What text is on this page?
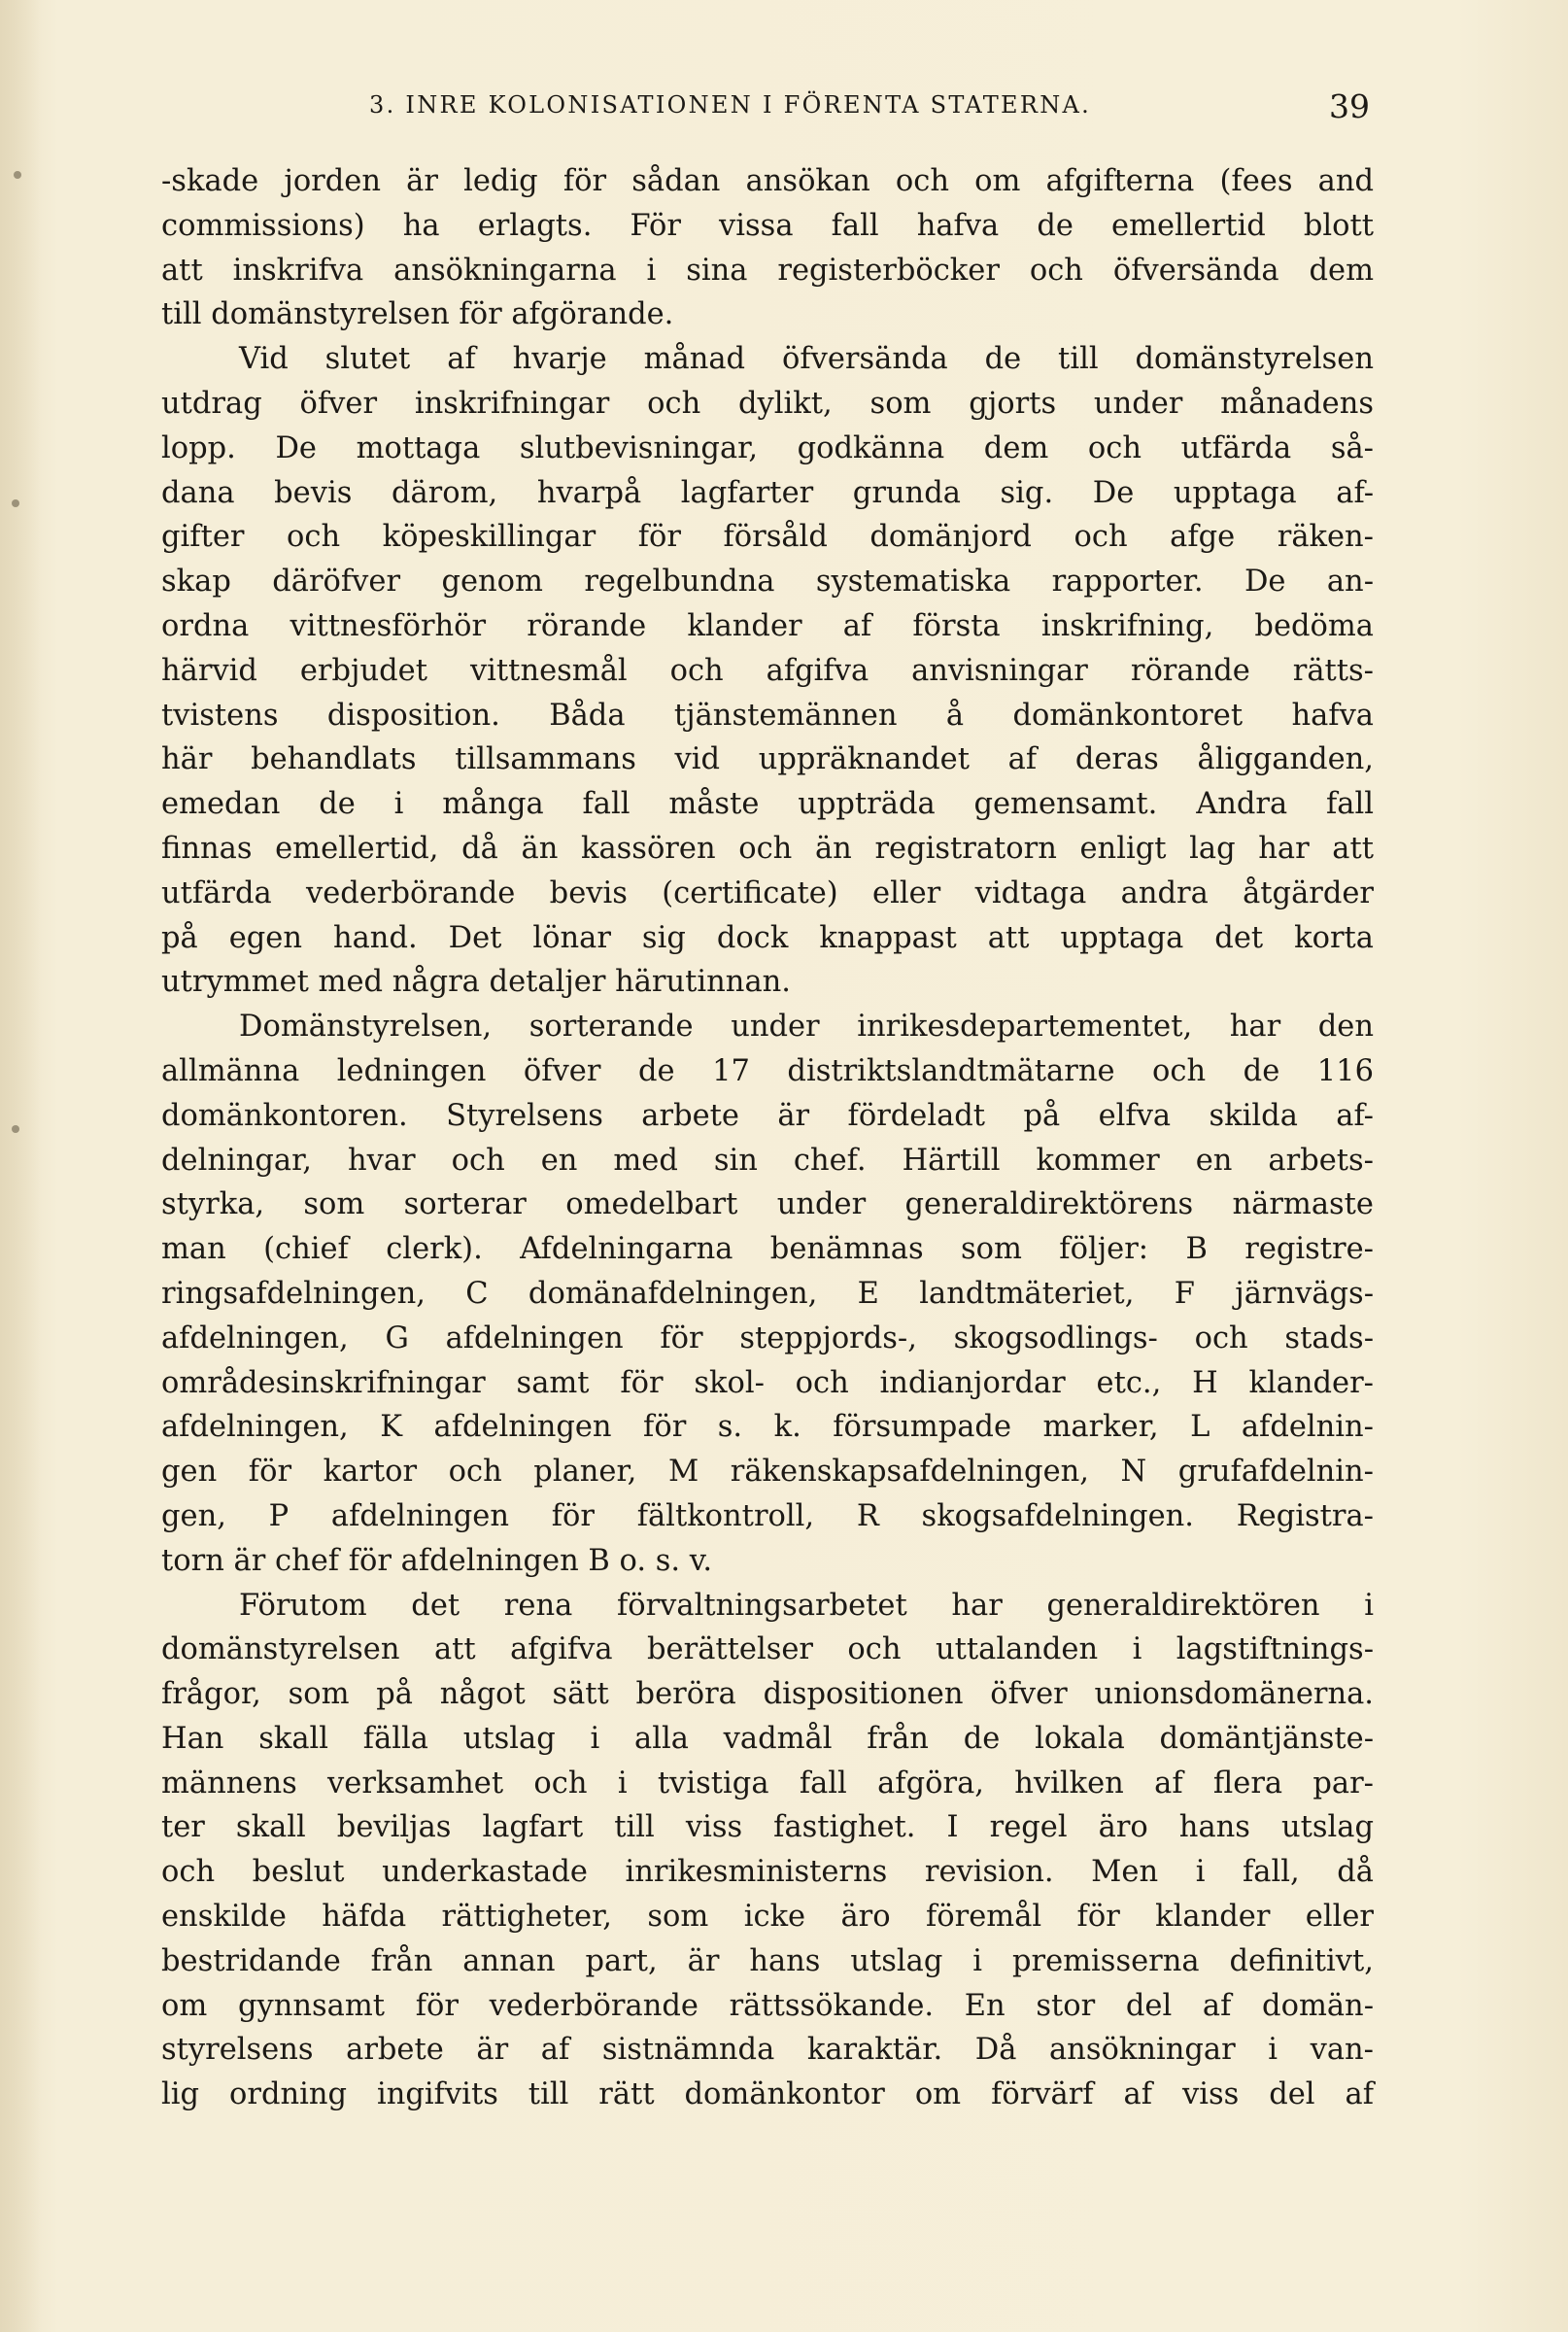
3. INRE KOLONISATIONEN I FÖRENTA STATERNA.	39
-skade jorden är ledig för sådan ansökan och om afgifterna (fees and
commissions) ha erlagts. För vissa fall hafva de emellertid blott
att inskrifva ansökningarna i sina registerböcker och öfversända dem
till domänstyrelsen för afgörande.
Vid slutet af hvarje månad öfversända de till domänstyrelsen
utdrag öfver inskrifningar och dylikt, som gjorts under månadens
lopp. De mottaga slutbevisningar, godkänna dem och utfärda så-
dana bevis därom, hvarpå lagfarter grunda sig. De upptaga af-
gifter och köpeskillingar för försåld domänjord och afge räken-
skap däröfver genom regelbundna systematiska rapporter. De an-
ordna vittnesförhör rörande klander af första inskrifning, bedöma
härvid erbjudet vittnesmål och afgifva anvisningar rörande rätts-
tvistens disposition. Båda tjänstemännen å domänkontoret hafva
här behandlats tillsammans vid uppräknandet af deras åligganden,
emedan de i många fall måste uppträda gemensamt. Andra fall
finnas emellertid, då än kassören och än registratorn enligt lag har att
utfärda vederbörande bevis (certificate) eller vidtaga andra åtgärder
på egen hand. Det lönar sig dock knappast att upptaga det korta
utrymmet med några detaljer härutinnan.
Domänstyrelsen, sorterande under inrikesdepartementet, har den
allmänna ledningen öfver de 17 distriktslandtmätarne och de 116
domänkontoren. Styrelsens arbete är fördeladt på elfva skilda af-
delningar, hvar och en med sin chef. Härtill kommer en arbets-
styrka, som sorterar omedelbart under generaldirektörens närmaste
man (chief clerk). Afdelningarna benämnas som följer: B registre-
ringsafdelningen, C domänafdelningen, E landtmäteriet, F järnvägs-
afdelningen, G afdelningen för steppjords-, skogsodlings- och stads-
områdesinskrifningar samt för skol- och indianjordar etc., H klander-
afdelningen, K afdelningen för s. k. försumpade marker, L afdelnin-
gen för kartor och planer, M räkenskapsafdelningen, N grufafdelnin-
gen, P afdelningen för fältkontroll, R skogsafdelningen. Registra-
torn är chef för afdelningen B o. s. v.
Förutom det rena förvaltningsarbetet har generaldirektören i
domänstyrelsen att afgifva berättelser och uttalanden i lagstiftnings-
frågor, som på något sätt beröra dispositionen öfver unionsdomänerna.
Han skall fälla utslag i alla vadmål från de lokala domäntjänste-
männens verksamhet och i tvistiga fall afgöra, hvilken af flera par-
ter skall beviljas lagfart till viss fastighet. I regel äro hans utslag
och beslut underkastade inrikesministerns revision. Men i fall, då
enskilde häfda rättigheter, som icke äro föremål för klander eller
bestridande från annan part, är hans utslag i premisserna definitivt,
om gynnsamt för vederbörande rättssökande. En stor del af domän-
styrelsens arbete är af sistnämnda karaktär. Då ansökningar i van-
lig ordning ingifvits till rätt domänkontor om förvärf af viss del af
